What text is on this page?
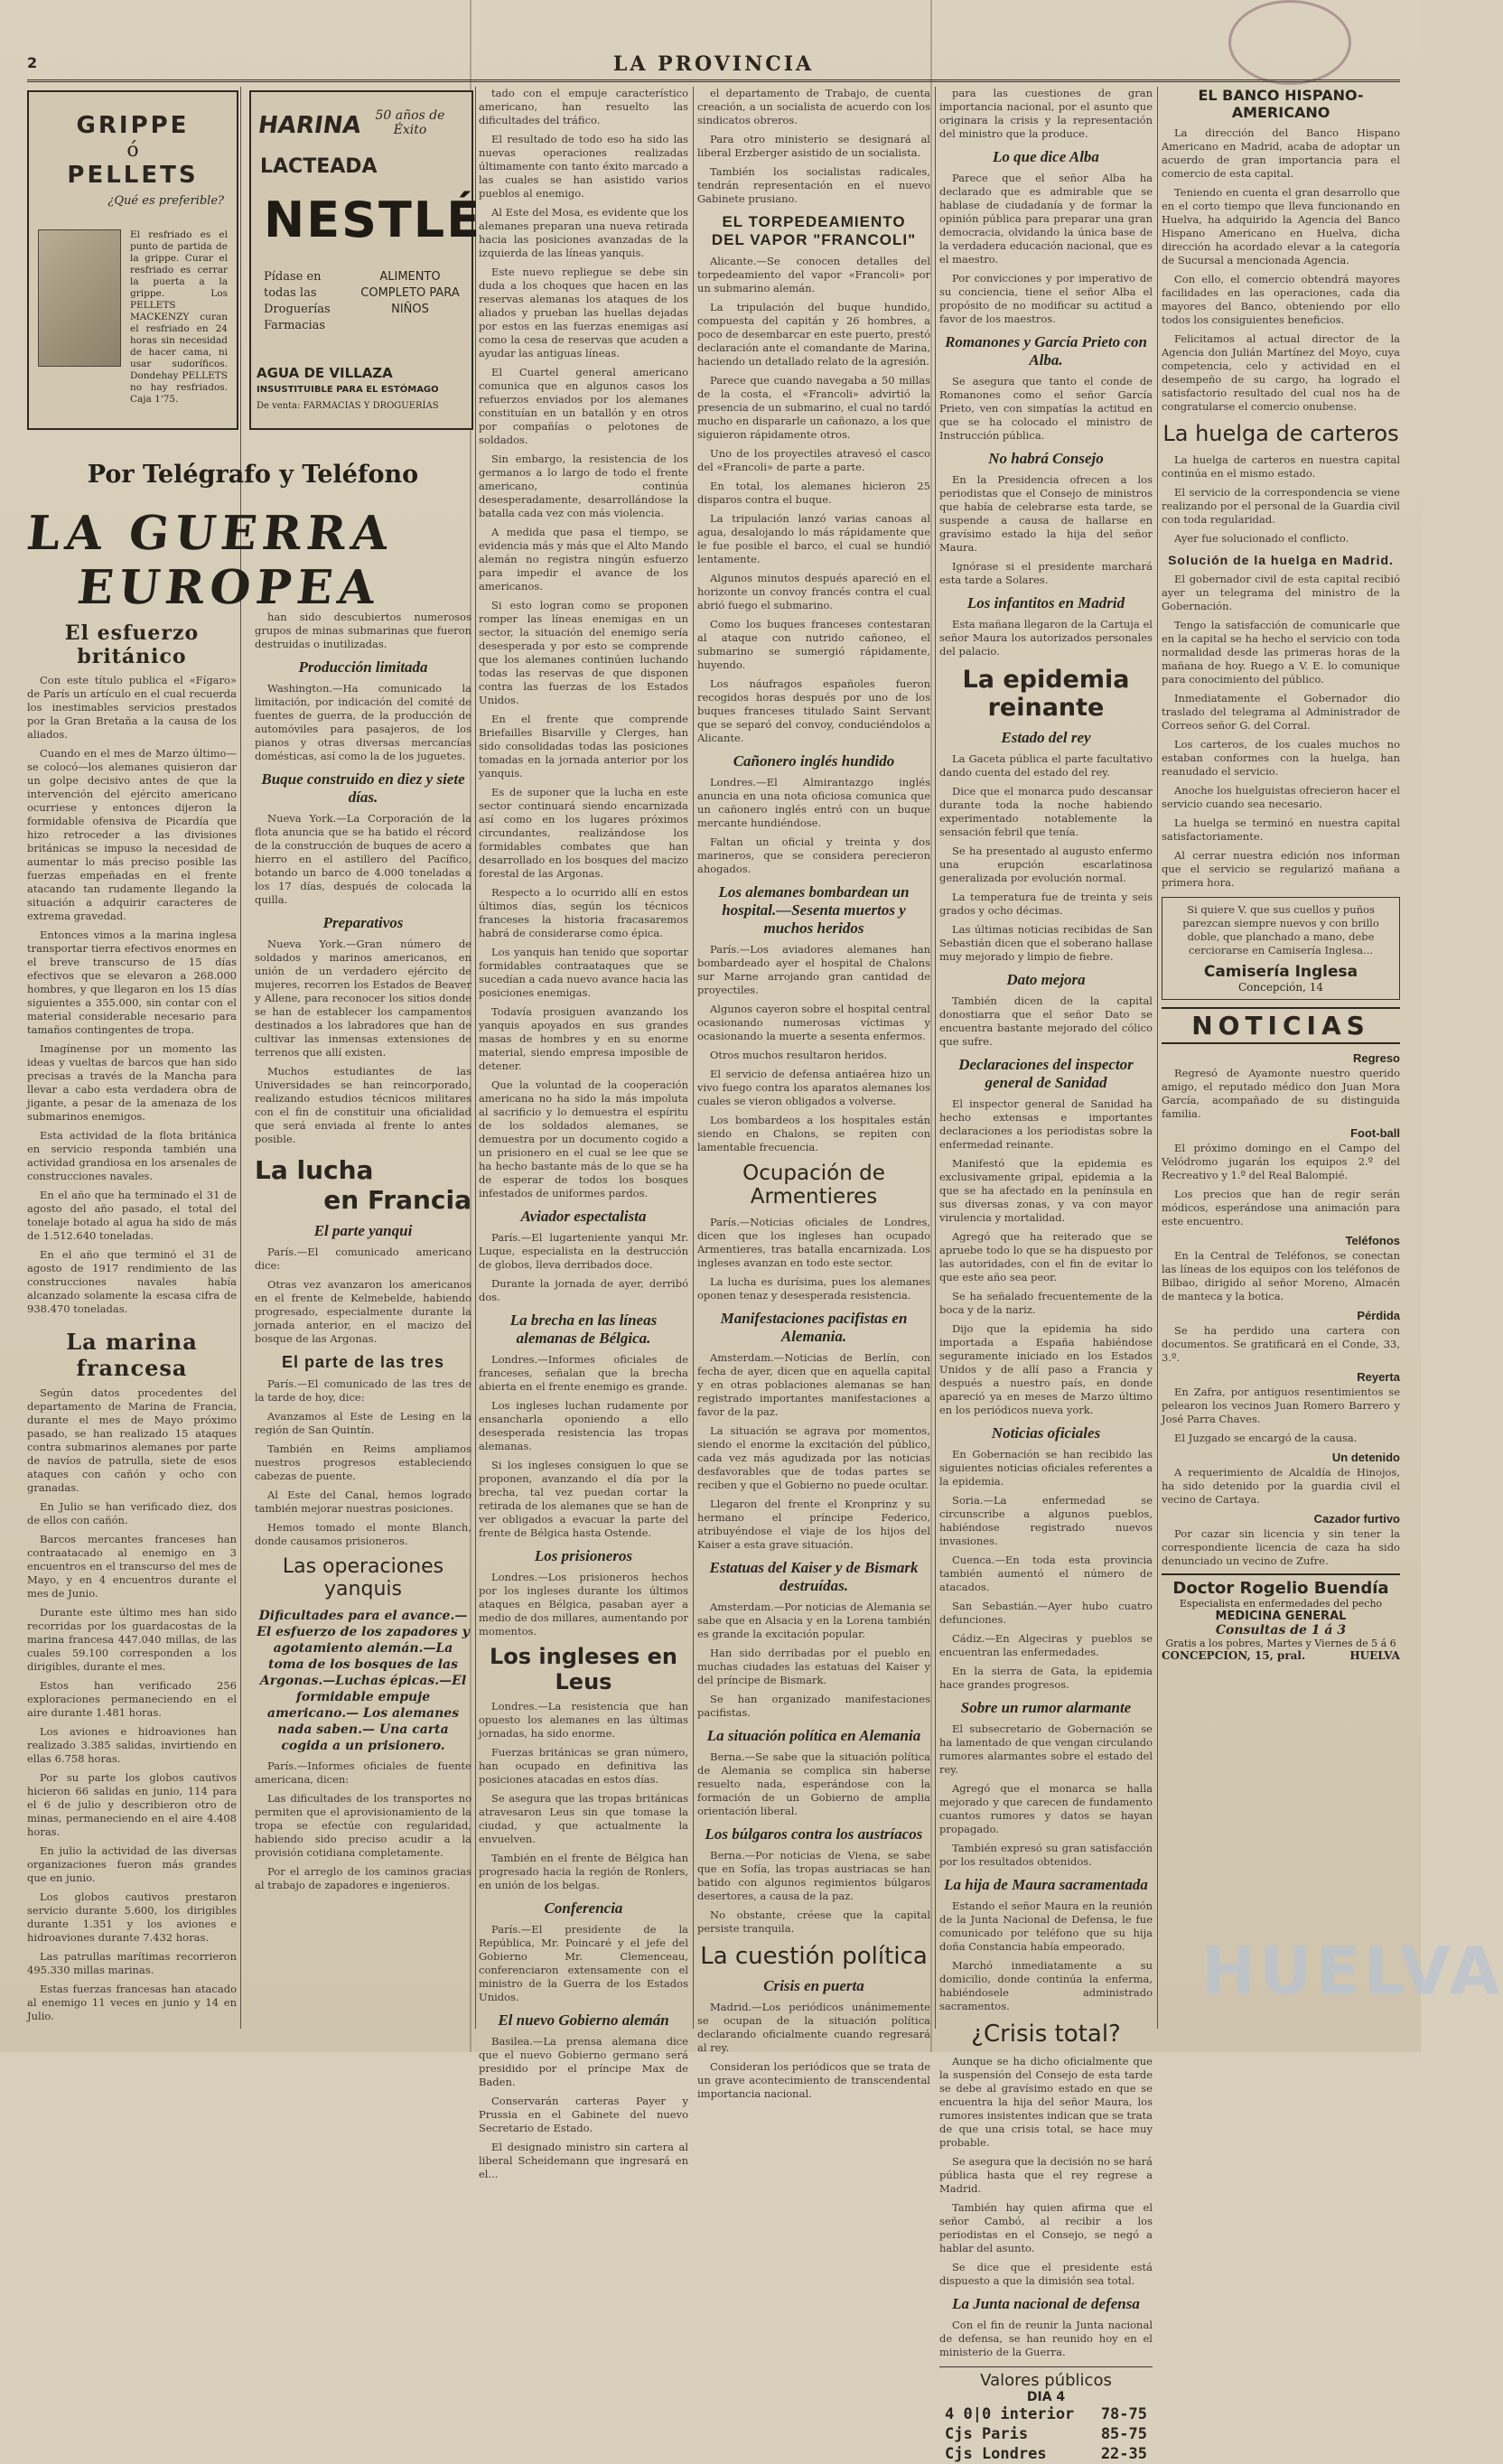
2	LA PROVINCIA
GRIPPE
ó
PELLETS
¿Qué es preferible?
El resfriado es el punto de partida de la grippe. Curar el resfriado es cerrar la puerta a la grippe. Los PELLETS MACKENZY curan el resfriado en 24 horas sin necesidad de hacer cama, ni usar sudoríficos. Dondehay PELLETS no hay resfriados. Caja 1'75.
HARINA 50 años de Éxito
LACTEADA
NESTLÉ
Pídase en todas las Droguerías Farmacias
ALIMENTO COMPLETO PARA NIÑOS
AGUA DE VILLAZA
INSUSTITUIBLE PARA EL ESTÓMAGO
De venta: FARMACIAS Y DROGUERÍAS
Por Telégrafo y Teléfono
LA GUERRA
EUROPEA
El esfuerzo británico

Con este título publica el «Fígaro» de París un artículo en el cual recuerda los inestimables servicios prestados por la Gran Bretaña a la causa de los aliados.

Cuando en el mes de Marzo último—se colocó—los alemanes quisieron dar un golpe decisivo antes de que la intervención del ejército americano ocurriese y entonces dijeron la formidable ofensiva de Picardía que hizo retroceder a las divisiones británicas se impuso la necesidad de aumentar lo más preciso posible las fuerzas empeñadas en el frente atacando tan rudamente llegando la situación a adquirir caracteres de extrema gravedad.

Entonces vimos a la marina inglesa transportar tierra efectivos enormes en el breve transcurso de 15 días efectivos que se elevaron a 268.000 hombres, y que llegaron en los 15 días siguientes a 355.000, sin contar con el material considerable necesario para tamaños contingentes de tropa.

Imagínense por un momento las ideas y vueltas de barcos que han sido precisas a través de la Mancha para llevar a cabo esta verdadera obra de jigante, a pesar de la amenaza de los submarinos enemigos.

Esta actividad de la flota británica en servicio responda también una actividad grandiosa en los arsenales de construcciones navales.

En el año que ha terminado el 31 de agosto del año pasado, el total del tonelaje botado al agua ha sido de más de 1.512.640 toneladas.

En el año que terminó el 31 de agosto de 1917 rendimiento de las construcciones navales había alcanzado solamente la escasa cifra de 938.470 toneladas.

La marina francesa

Según datos procedentes del departamento de Marina de Francia, durante el mes de Mayo próximo pasado, se han realizado 15 ataques contra submarinos alemanes por parte de navíos de patrulla, siete de esos ataques con cañón y ocho con granadas.

En Julio se han verificado diez, dos de ellos con cañón.

Barcos mercantes franceses han contraatacado al enemigo en 3 encuentros en el transcurso del mes de Mayo, y en 4 encuentros durante el mes de Junio.

Durante este último mes han sido recorridas por los guardacostas de la marina francesa 447.040 millas, de las cuales 59.100 corresponden a los dirigibles, durante el mes.

Estos han verificado 256 exploraciones permaneciendo en el aire durante 1.481 horas.

Los aviones e hidroaviones han realizado 3.385 salidas, invirtiendo en ellas 6.758 horas.

Por su parte los globos cautivos hicieron 66 salidas en junio, 114 para el 6 de julio y describieron otro de minas, permaneciendo en el aire 4.408 horas.

En julio la actividad de las diversas organizaciones fueron más grandes que en junio.

Los globos cautivos prestaron servicio durante 5.600, los dirigibles durante 1.351 y los aviones e hidroaviones durante 7.432 horas.

Las patrullas marítimas recorrieron 495.330 millas marinas.

Estas fuerzas francesas han atacado al enemigo 11 veces en junio y 14 en Julio.

han sido descubiertos numerosos grupos de minas submarinas que fueron destruidas o inutilizadas.

Producción limitada

Washington.—Ha comunicado la limitación, por indicación del comité de fuentes de guerra, de la producción de automóviles para pasajeros, de los pianos y otras diversas mercancías domésticas, así como la de los juguetes.

Buque construido en diez y siete días.

Nueva York.—La Corporación de la flota anuncia que se ha batido el récord de la construcción de buques de acero a hierro en el astillero del Pacífico, botando un barco de 4.000 toneladas a los 17 días, después de colocada la quilla.

Preparativos

Nueva York.—Gran número de soldados y marinos americanos, en unión de un verdadero ejército de mujeres, recorren los Estados de Beaver y Allene, para reconocer los sitios donde se han de establecer los campamentos destinados a los labradores que han de cultivar las inmensas extensiones de terrenos que allí existen.

Muchos estudiantes de las Universidades se han reincorporado, realizando estudios técnicos militares con el fin de constituir una oficialidad que será enviada al frente lo antes posible.

La lucha
en Francia
El parte yanqui

París.—El comunicado americano dice:

Otras vez avanzaron los americanos en el frente de Kelmebelde, habiendo progresado, especialmente durante la jornada anterior, en el macizo del bosque de las Argonas.

El parte de las tres

París.—El comunicado de las tres de la tarde de hoy, dice:

Avanzamos al Este de Lesing en la región de San Quintín.

También en Reims ampliamos nuestros progresos estableciendo cabezas de puente.

Al Este del Canal, hemos logrado también mejorar nuestras posiciones.

Hemos tomado el monte Blanch, donde causamos prisioneros.

Las operaciones yanquis
Dificultades para el avance.— El esfuerzo de los zapadores y agotamiento alemán.—La toma de los bosques de las Argonas.—Luchas épicas.—El formidable empuje americano.— Los alemanes nada saben.— Una carta cogida a un prisionero.

París.—Informes oficiales de fuente americana, dicen:

Las dificultades de los transportes no permiten que el aprovisionamiento de la tropa se efectúe con regularidad, habiendo sido preciso acudir a la provisión cotidiana completamente.

Por el arreglo de los caminos gracias al trabajo de zapadores e ingenieros.

tado con el empuje característico americano, han resuelto las dificultades del tráfico.

El resultado de todo eso ha sido las nuevas operaciones realizadas últimamente con tanto éxito marcado a las cuales se han asistido varios pueblos al enemigo.

Al Este del Mosa, es evidente que los alemanes preparan una nueva retirada hacia las posiciones avanzadas de la izquierda de las líneas yanquis.

Este nuevo repliegue se debe sin duda a los choques que hacen en las reservas alemanas los ataques de los aliados y prueban las huellas dejadas por estos en las fuerzas enemigas así como la cesa de reservas que acuden a ayudar las antiguas líneas.

El Cuartel general americano comunica que en algunos casos los refuerzos enviados por los alemanes constituían en un batallón y en otros por compañías o pelotones de soldados.

Sin embargo, la resistencia de los germanos a lo largo de todo el frente americano, continúa desesperadamente, desarrollándose la batalla cada vez con más violencia.

A medida que pasa el tiempo, se evidencia más y más que el Alto Mando alemán no registra ningún esfuerzo para impedir el avance de los americanos.

Si esto logran como se proponen romper las líneas enemigas en un sector, la situación del enemigo sería desesperada y por esto se comprende que los alemanes continúen luchando todas las reservas de que disponen contra las fuerzas de los Estados Unidos.

En el frente que comprende Briefailles Bisarville y Clerges, han sido consolidadas todas las posiciones tomadas en la jornada anterior por los yanquis.

Es de suponer que la lucha en este sector continuará siendo encarnizada así como en los lugares próximos circundantes, realizándose los formidables combates que han desarrollado en los bosques del macizo forestal de las Argonas.

Respecto a lo ocurrido allí en estos últimos días, según los técnicos franceses la historia fracasaremos habrá de considerarse como épica.

Los yanquis han tenido que soportar formidables contraataques que se sucedían a cada nuevo avance hacia las posiciones enemigas.

Todavía prosiguen avanzando los yanquis apoyados en sus grandes masas de hombres y en su enorme material, siendo empresa imposible de detener.

Que la voluntad de la cooperación americana no ha sido la más impoluta al sacrificio y lo demuestra el espíritu de los soldados alemanes, se demuestra por un documento cogido a un prisionero en el cual se lee que se ha hecho bastante más de lo que se ha de esperar de todos los bosques infestados de uniformes pardos.

Aviador espectalista

París.—El lugarteniente yanqui Mr. Luque, especialista en la destrucción de globos, lleva derribados doce.

Durante la jornada de ayer, derribó dos.

La brecha en las líneas alemanas de Bélgica.

Londres.—Informes oficiales de franceses, señalan que la brecha abierta en el frente enemigo es grande.

Los ingleses luchan rudamente por ensancharla oponiendo a ello desesperada resistencia las tropas alemanas.

Si los ingleses consiguen lo que se proponen, avanzando el día por la brecha, tal vez puedan cortar la retirada de los alemanes que se han de ver obligados a evacuar la parte del frente de Bélgica hasta Ostende.

Los prisioneros

Londres.—Los prisioneros hechos por los ingleses durante los últimos ataques en Bélgica, pasaban ayer a medio de dos millares, aumentando por momentos.

Los ingleses en Leus

Londres.—La resistencia que han opuesto los alemanes en las últimas jornadas, ha sido enorme.

Fuerzas británicas se gran número, han ocupado en definitiva las posiciones atacadas en estos días.

Se asegura que las tropas británicas atravesaron Leus sin que tomase la ciudad, y que actualmente la envuelven.

También en el frente de Bélgica han progresado hacia la región de Ronlers, en unión de los belgas.

Conferencia

París.—El presidente de la República, Mr. Poincaré y el jefe del Gobierno Mr. Clemenceau, conferenciaron extensamente con el ministro de la Guerra de los Estados Unidos.

El nuevo Gobierno alemán

Basilea.—La prensa alemana dice que el nuevo Gobierno germano será presidido por el príncipe Max de Baden.

Conservarán carteras Payer y Prussia en el Gabinete del nuevo Secretario de Estado.

El designado ministro sin cartera al liberal Scheidemann que ingresará en el...

el departamento de Trabajo, de cuenta creación, a un socialista de acuerdo con los sindicatos obreros.

Para otro ministerio se designará al liberal Erzberger asistido de un socialista.

También los socialistas radicales, tendrán representación en el nuevo Gabinete prusiano.

EL TORPEDEAMIENTO
DEL VAPOR "FRANCOLI"

Alicante.—Se conocen detalles del torpedeamiento del vapor «Francoli» por un submarino alemán.

La tripulación del buque hundido, compuesta del capitán y 26 hombres, a poco de desembarcar en este puerto, prestó declaración ante el comandante de Marina, haciendo un detallado relato de la agresión.

Parece que cuando navegaba a 50 millas de la costa, el «Francoli» advirtió la presencia de un submarino, el cual no tardó mucho en dispararle un cañonazo, a los que siguieron rápidamente otros.

Uno de los proyectiles atravesó el casco del «Francoli» de parte a parte.

En total, los alemanes hicieron 25 disparos contra el buque.

La tripulación lanzó varias canoas al agua, desalojando lo más rápidamente que le fue posible el barco, el cual se hundió lentamente.

Algunos minutos después apareció en el horizonte un convoy francés contra el cual abrió fuego el submarino.

Como los buques franceses contestaran al ataque con nutrido cañoneo, el submarino se sumergió rápidamente, huyendo.

Los náufragos españoles fueron recogidos horas después por uno de los buques franceses titulado Saint Servant que se separó del convoy, conduciéndolos a Alicante.

Cañonero inglés hundido

Londres.—El Almirantazgo inglés anuncia en una nota oficiosa comunica que un cañonero inglés entró con un buque mercante hundiéndose.

Faltan un oficial y treinta y dos marineros, que se considera perecieron ahogados.

Los alemanes bombardean un hospital.—Sesenta muertos y muchos heridos

París.—Los aviadores alemanes han bombardeado ayer el hospital de Chalons sur Marne arrojando gran cantidad de proyectiles.

Algunos cayeron sobre el hospital central ocasionando numerosas víctimas y ocasionando la muerte a sesenta enfermos.

Otros muchos resultaron heridos.

El servicio de defensa antiaérea hizo un vivo fuego contra los aparatos alemanes los cuales se vieron obligados a volverse.

Los bombardeos a los hospitales están siendo en Chalons, se repiten con lamentable frecuencia.

Ocupación de Armentieres

París.—Noticias oficiales de Londres, dicen que los ingleses han ocupado Armentieres, tras batalla encarnizada. Los ingleses avanzan en todo este sector.

La lucha es durísima, pues los alemanes oponen tenaz y desesperada resistencia.

Manifestaciones pacifistas en Alemania.

Amsterdam.—Noticias de Berlín, con fecha de ayer, dicen que en aquella capital y en otras poblaciones alemanas se han registrado importantes manifestaciones a favor de la paz.

La situación se agrava por momentos, siendo el enorme la excitación del público, cada vez más agudizada por las noticias desfavorables que de todas partes se reciben y que el Gobierno no puede ocultar.

Llegaron del frente el Kronprinz y su hermano el príncipe Federico, atribuyéndose el viaje de los hijos del Kaiser a esta grave situación.

Estatuas del Kaiser y de Bismark destruídas.

Amsterdam.—Por noticias de Alemania se sabe que en Alsacia y en la Lorena también es grande la excitación popular.

Han sido derribadas por el pueblo en muchas ciudades las estatuas del Kaiser y del príncipe de Bismark.

Se han organizado manifestaciones pacifistas.

La situación política en Alemania

Berna.—Se sabe que la situación política de Alemania se complica sin haberse resuelto nada, esperándose con la formación de un Gobierno de amplia orientación liberal.

Los búlgaros contra los austríacos

Berna.—Por noticias de Viena, se sabe que en Sofía, las tropas austriacas se han batido con algunos regimientos búlgaros desertores, a causa de la paz.

No obstante, créese que la capital persiste tranquila.

La cuestión política
Crisis en puerta

Madrid.—Los periódicos unánimemente se ocupan de la situación política declarando oficialmente cuando regresará al rey.

Consideran los periódicos que se trata de un grave acontecimiento de transcendental importancia nacional.

para las cuestiones de gran importancia nacional, por el asunto que originara la crisis y la representación del ministro que la produce.

Lo que dice Alba

Parece que el señor Alba ha declarado que es admirable que se hablase de ciudadanía y de formar la opinión pública para preparar una gran democracia, olvidando la única base de la verdadera educación nacional, que es el maestro.

Por convicciones y por imperativo de su conciencia, tiene el señor Alba el propósito de no modificar su actitud a favor de los maestros.

Romanones y García Prieto con Alba.

Se asegura que tanto el conde de Romanones como el señor García Prieto, ven con simpatías la actitud en que se ha colocado el ministro de Instrucción pública.

No habrá Consejo

En la Presidencia ofrecen a los periodistas que el Consejo de ministros que había de celebrarse esta tarde, se suspende a causa de hallarse en gravísimo estado la hija del señor Maura.

Ignórase si el presidente marchará esta tarde a Solares.

Los infantitos en Madrid

Esta mañana llegaron de la Cartuja el señor Maura los autorizados personales del palacio.

La epidemia reinante
Estado del rey

La Gaceta pública el parte facultativo dando cuenta del estado del rey.

Dice que el monarca pudo descansar durante toda la noche habiendo experimentado notablemente la sensación febril que tenía.

Se ha presentado al augusto enfermo una erupción escarlatinosa generalizada por evolución normal.

La temperatura fue de treinta y seis grados y ocho décimas.

Las últimas noticias recibidas de San Sebastián dicen que el soberano hallase muy mejorado y limpio de fiebre.

Dato mejora

También dicen de la capital donostiarra que el señor Dato se encuentra bastante mejorado del cólico que sufre.

Declaraciones del inspector general de Sanidad

El inspector general de Sanidad ha hecho extensas e importantes declaraciones a los periodistas sobre la enfermedad reinante.

Manifestó que la epidemia es exclusivamente gripal, epidemia a la que se ha afectado en la península en sus diversas zonas, y va con mayor virulencia y mortalidad.

Agregó que ha reiterado que se apruebe todo lo que se ha dispuesto por las autoridades, con el fin de evitar lo que este año sea peor.

Se ha señalado frecuentemente de la boca y de la nariz.

Dijo que la epidemia ha sido importada a España habiéndose seguramente iniciado en los Estados Unidos y de allí paso a Francia y después a nuestro país, en donde apareció ya en meses de Marzo último en los periódicos nueva york.

Noticias oficiales

En Gobernación se han recibido las siguientes noticias oficiales referentes a la epidemia.

Soria.—La enfermedad se circunscribe a algunos pueblos, habiéndose registrado nuevos invasiones.

Cuenca.—En toda esta provincia también aumentó el número de atacados.

San Sebastián.—Ayer hubo cuatro defunciones.

Cádiz.—En Algeciras y pueblos se encuentran las enfermedades.

En la sierra de Gata, la epidemia hace grandes progresos.

Sobre un rumor alarmante

El subsecretario de Gobernación se ha lamentado de que vengan circulando rumores alarmantes sobre el estado del rey.

Agregó que el monarca se halla mejorado y que carecen de fundamento cuantos rumores y datos se hayan propagado.

También expresó su gran satisfacción por los resultados obtenidos.

La hija de Maura sacramentada

Estando el señor Maura en la reunión de la Junta Nacional de Defensa, le fue comunicado por teléfono que su hija doña Constancia había empeorado.

Marchó inmediatamente a su domicilio, donde continúa la enferma, habiéndosele administrado sacramentos.

¿Crisis total?

Aunque se ha dicho oficialmente que la suspensión del Consejo de esta tarde se debe al gravísimo estado en que se encuentra la hija del señor Maura, los rumores insistentes indican que se trata de que una crisis total, se hace muy probable.

Se asegura que la decisión no se hará pública hasta que el rey regrese a Madrid.

También hay quien afirma que el señor Cambó, al recibir a los periodistas en el Consejo, se negó a hablar del asunto.

Se dice que el presidente está dispuesto a que la dimisión sea total.

La Junta nacional de defensa

Con el fin de reunir la Junta nacional de defensa, se han reunido hoy en el ministerio de la Guerra.

Valores públicos
DIA 4
4 0|0 interior 78-75
Cjs Paris	85-75
Cjs Londres	22-35
EL BANCO HISPANO-AMERICANO

La dirección del Banco Hispano Americano en Madrid, acaba de adoptar un acuerdo de gran importancia para el comercio de esta capital.

Teniendo en cuenta el gran desarrollo que en el corto tiempo que lleva funcionando en Huelva, ha adquirido la Agencia del Banco Hispano Americano en Huelva, dicha dirección ha acordado elevar a la categoría de Sucursal a mencionada Agencia.

Con ello, el comercio obtendrá mayores facilidades en las operaciones, cada dia mayores del Banco, obteniendo por ello todos los consiguientes beneficios.

Felicitamos al actual director de la Agencia don Julián Martínez del Moyo, cuya competencia, celo y actividad en el desempeño de su cargo, ha logrado el satisfactorio resultado del cual nos ha de congratularse el comercio onubense.

La huelga de carteros

La huelga de carteros en nuestra capital continúa en el mismo estado.

El servicio de la correspondencia se viene realizando por el personal de la Guardia civil con toda regularidad.

Ayer fue solucionado el conflicto.

Solución de la huelga en Madrid.

El gobernador civil de esta capital recibió ayer un telegrama del ministro de la Gobernación.

Tengo la satisfacción de comunicarle que en la capital se ha hecho el servicio con toda normalidad desde las primeras horas de la mañana de hoy. Ruego a V. E. lo comunique para conocimiento del público.

Inmediatamente el Gobernador dio traslado del telegrama al Administrador de Correos señor G. del Corral.

Los carteros, de los cuales muchos no estaban conformes con la huelga, han reanudado el servicio.

Anoche los huelguistas ofrecieron hacer el servicio cuando sea necesario.

La huelga se terminó en nuestra capital satisfactoriamente.

Al cerrar nuestra edición nos informan que el servicio se regularizó mañana a primera hora.

Si quiere V. que sus cuellos y puños parezcan siempre nuevos y con brillo doble, que planchado a mano, debe cerciorarse en Camisería Inglesa...

Camisería Inglesa
Concepción, 14
NOTICIAS
Regreso

Regresó de Ayamonte nuestro querido amigo, el reputado médico don Juan Mora García, acompañado de su distinguida familia.

Foot-ball

El próximo domingo en el Campo del Velódromo jugarán los equipos 2.º del Recreativo y 1.º del Real Balompié.

Los precios que han de regir serán módicos, esperándose una animación para este encuentro.

Teléfonos

En la Central de Teléfonos, se conectan las líneas de los equipos con los teléfonos de Bilbao, dirigido al señor Moreno, Almacén de manteca y la botica.

Pérdida

Se ha perdido una cartera con documentos. Se gratificará en el Conde, 33, 3.º.

Reyerta

En Zafra, por antiguos resentimientos se pelearon los vecinos Juan Romero Barrero y José Parra Chaves.

El Juzgado se encargó de la causa.

Un detenido

A requerimiento de Alcaldía de Hinojos, ha sido detenido por la guardia civil el vecino de Cartaya.

Cazador furtivo

Por cazar sin licencia y sin tener la correspondiente licencia de caza ha sido denunciado un vecino de Zufre.

Doctor Rogelio Buendía
Especialista en enfermedades del pecho
MEDICINA GENERAL
Consultas de 1 á 3
Gratis a los pobres, Martes y Viernes de 5 á 6
CONCEPCION, 15, pral.	HUELVA
HUELVA
